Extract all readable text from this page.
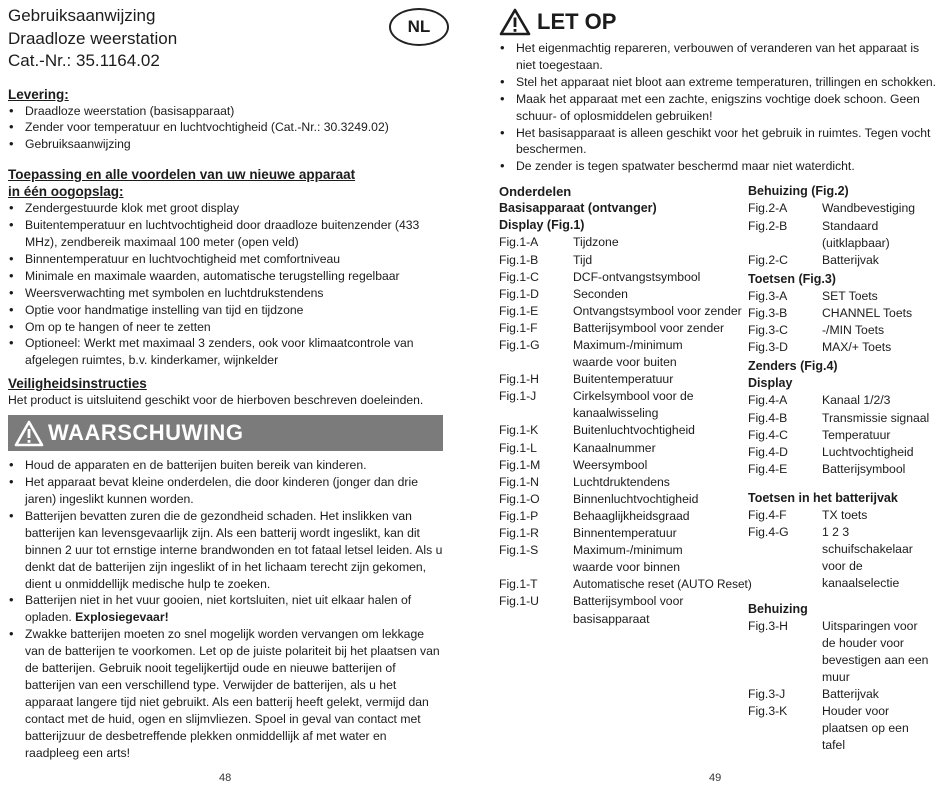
Gebruiksaanwijzing
Draadloze weerstation
Cat.-Nr.: 35.1164.02
NL
Levering:
• Draadloze weerstation (basisapparaat)
• Zender voor temperatuur en luchtvochtigheid (Cat.-Nr.: 30.3249.02)
• Gebruiksaanwijzing
Toepassing en alle voordelen van uw nieuwe apparaat
in één oogopslag:
• Zendergestuurde klok met groot display
• Buitentemperatuur en luchtvochtigheid door draadloze buitenzender (433 MHz), zendbereik maximaal 100 meter (open veld)
• Binnentemperatuur en luchtvochtigheid met comfortniveau
• Minimale en maximale waarden, automatische terugstelling regelbaar
• Weersverwachting met symbolen en luchtdrukstendens
• Optie voor handmatige instelling van tijd en tijdzone
• Om op te hangen of neer te zetten
• Optioneel: Werkt met maximaal 3 zenders, ook voor klimaatcontrole van afgelegen ruimtes, b.v. kinderkamer, wijnkelder
Veiligheidsinstructies
Het product is uitsluitend geschikt voor de hierboven beschreven doeleinden.
WAARSCHUWING
• Houd de apparaten en de batterijen buiten bereik van kinderen.
• Het apparaat bevat kleine onderdelen, die door kinderen (jonger dan drie jaren) ingeslikt kunnen worden.
• Batterijen bevatten zuren die de gezondheid schaden. Het inslikken van batterijen kan levensgevaarlijk zijn. Als een batterij wordt ingeslikt, kan dit binnen 2 uur tot ernstige interne brandwonden en tot fataal letsel leiden. Als u denkt dat de batterijen zijn ingeslikt of in het lichaam terecht zijn gekomen, dient u onmiddellijk medische hulp te zoeken.
• Batterijen niet in het vuur gooien, niet kortsluiten, niet uit elkaar halen of opladen. Explosiegevaar!
• Zwakke batterijen moeten zo snel mogelijk worden vervangen om lekkage van de batterijen te voorkomen. Let op de juiste polariteit bij het plaatsen van de batterijen. Gebruik nooit tegelijkertijd oude en nieuwe batterijen of batterijen van een verschillend type. Verwijder de batterijen, als u het apparaat langere tijd niet gebruikt. Als een batterij heeft gelekt, vermijd dan contact met de huid, ogen en slijmvliezen. Spoel in geval van contact met batterijzuur de desbetreffende plekken onmiddellijk af met water en raadpleeg een arts!
48
LET OP
• Het eigenmachtig repareren, verbouwen of veranderen van het apparaat is niet toegestaan.
• Stel het apparaat niet bloot aan extreme temperaturen, trillingen en schokken.
• Maak het apparaat met een zachte, enigszins vochtige doek schoon. Geen schuur- of oplosmiddelen gebruiken!
• Het basisapparaat is alleen geschikt voor het gebruik in ruimtes. Tegen vocht beschermen.
• De zender is tegen spatwater beschermd maar niet waterdicht.
Onderdelen
Basisapparaat (ontvanger)
Display (Fig.1)
Fig.1-A	Tijdzone
Fig.1-B	Tijd
Fig.1-C	DCF-ontvangstsymbool
Fig.1-D	Seconden
Fig.1-E	Ontvangstsymbool voor zender
Fig.1-F	Batterijsymbool voor zender
Fig.1-G	Maximum-/minimum waarde voor buiten
Fig.1-H	Buitentemperatuur
Fig.1-J	Cirkelsymbool voor de kanaalwisseling
Fig.1-K	Buitenluchtvochtigheid
Fig.1-L	Kanaalnummer
Fig.1-M	Weersymbool
Fig.1-N	Luchtdruktendens
Fig.1-O	Binnenluchtvochtigheid
Fig.1-P	Behaaglijkheidsgraad
Fig.1-R	Binnentemperatuur
Fig.1-S	Maximum-/minimum waarde voor binnen
Fig.1-T	Automatische reset (AUTO Reset)
Fig.1-U	Batterijsymbool voor basisapparaat
Behuizing (Fig.2)
Fig.2-A	Wandbevestiging
Fig.2-B	Standaard (uitklapbaar)
Fig.2-C	Batterijvak
Toetsen (Fig.3)
Fig.3-A	SET Toets
Fig.3-B	CHANNEL Toets
Fig.3-C	-/MIN Toets
Fig.3-D	MAX/+ Toets
Zenders (Fig.4)
Display
Fig.4-A	Kanaal 1/2/3
Fig.4-B	Transmissie signaal
Fig.4-C	Temperatuur
Fig.4-D	Luchtvochtigheid
Fig.4-E	Batterijsymbool
Toetsen in het batterijvak
Fig.4-F	TX toets
Fig.4-G	1 2 3 schuifschakelaar voor de kanaalselectie
Behuizing
Fig.3-H	Uitsparingen voor de houder voor bevestigen aan een muur
Fig.3-J	Batterijvak
Fig.3-K	Houder voor plaatsen op een tafel
49
